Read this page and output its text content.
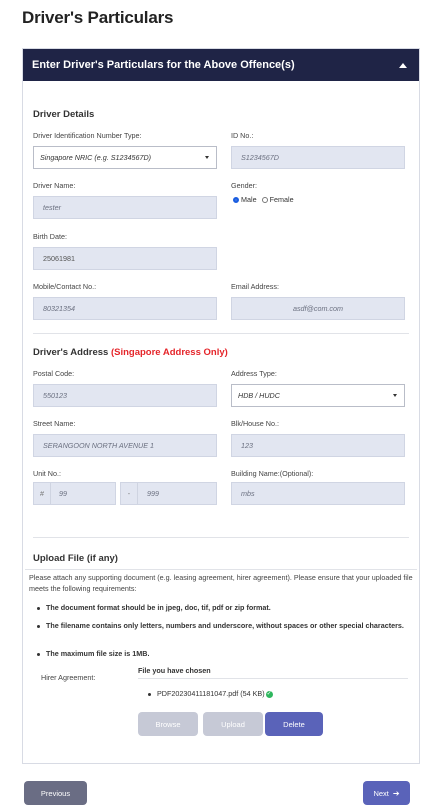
Driver's Particulars
Enter Driver's Particulars for the Above Offence(s)
Driver Details
Driver Identification Number Type:
Singapore NRIC (e.g. S1234567D)
ID No.:
S1234567D
Driver Name:
tester
Gender:
Male Female
Birth Date:
25061981
Mobile/Contact No.:
80321354
Email Address:
asdf@com.com
Driver's Address (Singapore Address Only)
Postal Code:
550123
Address Type:
HDB / HUDC
Street Name:
SERANGOON NORTH AVENUE 1
Blk/House No.:
123
Unit No.:
#	99	-	999
Building Name:(Optional):
mbs
Upload File (if any)
Please attach any supporting document (e.g. leasing agreement, hirer agreement). Please ensure that your uploaded file meets the following requirements:
The document format should be in jpeg, doc, tif, pdf or zip format.
The filename contains only letters, numbers and underscore, without spaces or other special characters.
The maximum file size is 1MB.
File you have chosen
Hirer Agreement:
PDF20230411181047.pdf (54 KB) ✓
Browse	Upload	Delete
Previous	Next ➔
